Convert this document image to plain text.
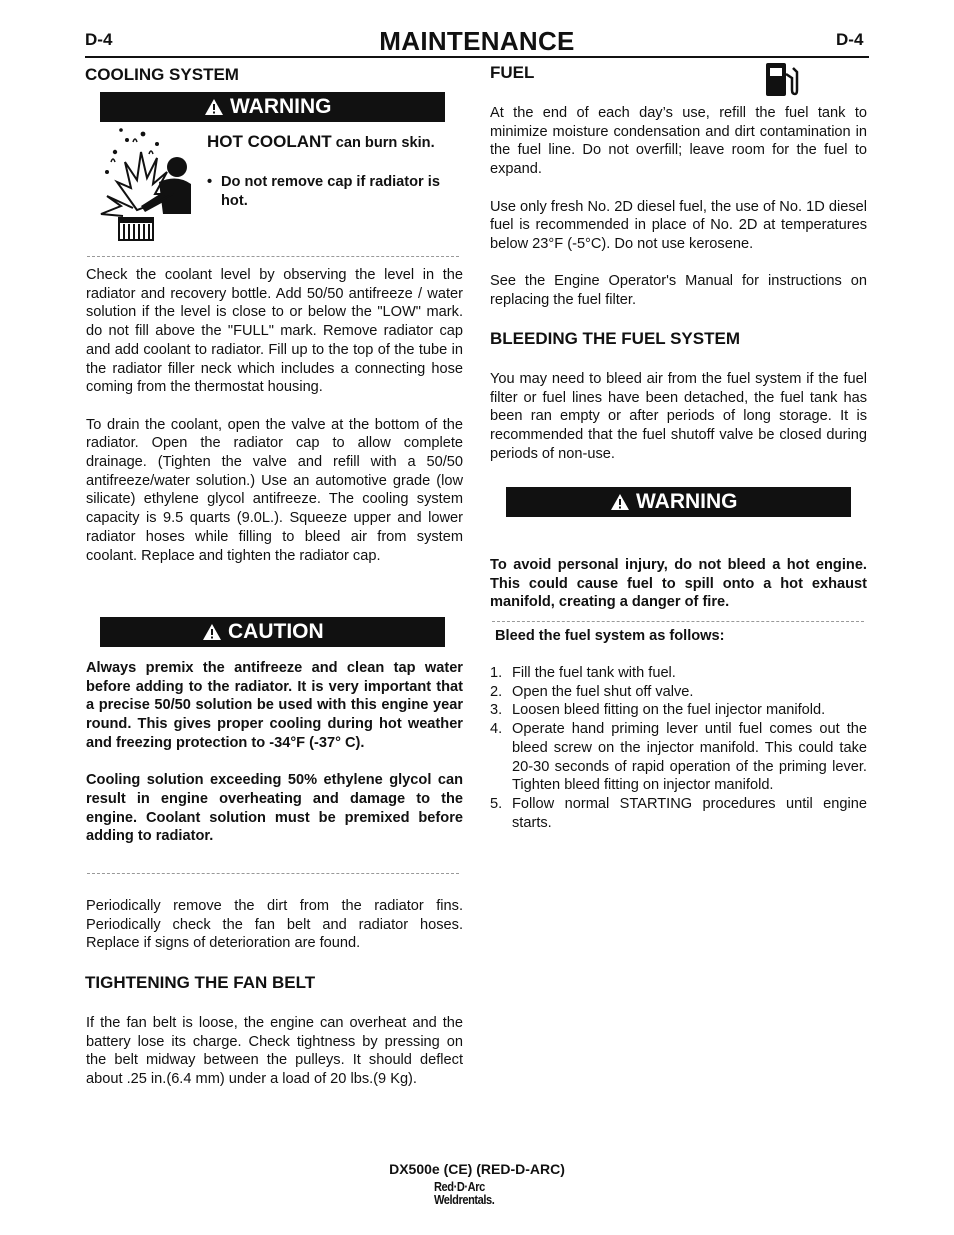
D-4	D-4
MAINTENANCE
COOLING SYSTEM
WARNING
HOT COOLANT can burn skin.
• Do not remove cap if radiator is hot.

Check the coolant level by observing the level in the radiator and recovery bottle. Add 50/50 antifreeze / water solution if the level is close to or below the "LOW" mark. do not fill above the "FULL" mark. Remove radiator cap and add coolant to radiator. Fill up to the top of the tube in the radiator filler neck which includes a connecting hose coming from the thermostat housing.

To drain the coolant, open the valve at the bottom of the radiator. Open the radiator cap to allow complete drainage. (Tighten the valve and refill with a 50/50 antifreeze/water solution.) Use an automotive grade (low silicate) ethylene glycol antifreeze. The cooling system capacity is 9.5 quarts (9.0L.). Squeeze upper and lower radiator hoses while filling to bleed air from system coolant. Replace and tighten the radiator cap.

CAUTION

Always premix the antifreeze and clean tap water before adding to the radiator. It is very important that a precise 50/50 solution be used with this engine year round. This gives proper cooling during hot weather and freezing protection to -34°F (-37° C).

Cooling solution exceeding 50% ethylene glycol can result in engine overheating and damage to the engine. Coolant solution must be premixed before adding to radiator.

Periodically remove the dirt from the radiator fins. Periodically check the fan belt and radiator hoses. Replace if signs of deterioration are found.
TIGHTENING THE FAN BELT
If the fan belt is loose, the engine can overheat and the battery lose its charge. Check tightness by pressing on the belt midway between the pulleys. It should deflect about .25 in.(6.4 mm) under a load of 20 lbs.(9 Kg).
FUEL

At the end of each day’s use, refill the fuel tank to minimize moisture condensation and dirt contamination in the fuel line. Do not overfill; leave room for the fuel to expand.

Use only fresh No. 2D diesel fuel, the use of No. 1D diesel fuel is recommended in place of No. 2D at temperatures below 23°F (-5°C). Do not use kerosene.

See the Engine Operator's Manual for instructions on replacing the fuel filter.

BLEEDING THE FUEL SYSTEM
You may need to bleed air from the fuel system if the fuel filter or fuel lines have been detached, the fuel tank has been ran empty or after periods of long storage. It is recommended that the fuel shutoff valve be closed during periods of non-use.
WARNING
To avoid personal injury, do not bleed a hot engine. This could cause fuel to spill onto a hot exhaust manifold, creating a danger of fire.
Bleed the fuel system as follows:
1. Fill the fuel tank with fuel.
2. Open the fuel shut off valve.
3. Loosen bleed fitting on the fuel injector manifold.
4. Operate hand priming lever until fuel comes out the bleed screw on the injector manifold. This could take 20-30 seconds of rapid operation of the priming lever. Tighten bleed fitting on injector manifold.
5. Follow normal STARTING procedures until engine starts.
DX500e (CE) (RED-D-ARC)
Red·D·Arc
Weldrentals.
